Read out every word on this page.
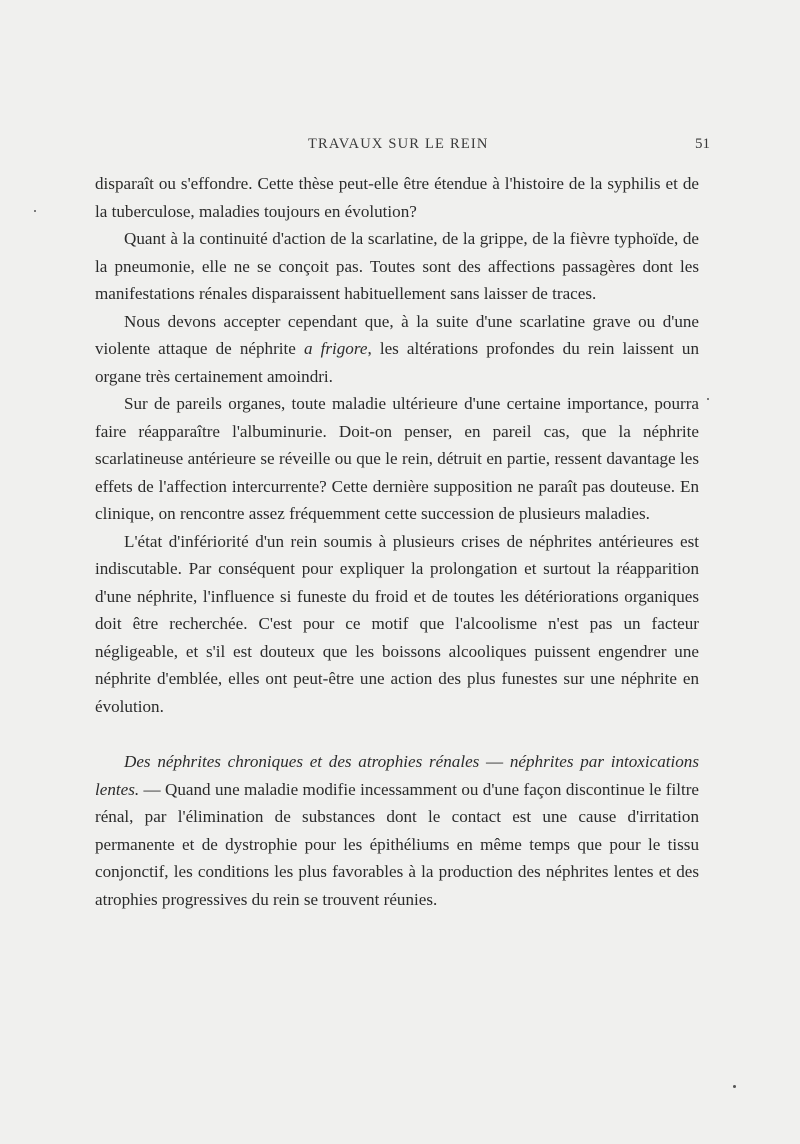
TRAVAUX SUR LE REIN	51

disparaît ou s'effondre. Cette thèse peut-elle être étendue à l'histoire de la syphilis et de la tuberculose, maladies toujours en évolution?

Quant à la continuité d'action de la scarlatine, de la grippe, de la fièvre typhoïde, de la pneumonie, elle ne se conçoit pas. Toutes sont des affections passagères dont les manifestations rénales disparaissent habituellement sans laisser de traces.

Nous devons accepter cependant que, à la suite d'une scarlatine grave ou d'une violente attaque de néphrite a frigore, les altérations profondes du rein laissent un organe très certainement amoindri.

Sur de pareils organes, toute maladie ultérieure d'une certaine importance, pourra faire réapparaître l'albuminurie. Doit-on penser, en pareil cas, que la néphrite scarlatineuse antérieure se réveille ou que le rein, détruit en partie, ressent davantage les effets de l'affection intercurrente? Cette dernière supposition ne paraît pas douteuse. En clinique, on rencontre assez fréquemment cette succession de plusieurs maladies.

L'état d'infériorité d'un rein soumis à plusieurs crises de néphrites antérieures est indiscutable. Par conséquent pour expliquer la prolongation et surtout la réapparition d'une néphrite, l'influence si funeste du froid et de toutes les détériorations organiques doit être recherchée. C'est pour ce motif que l'alcoolisme n'est pas un facteur négligeable, et s'il est douteux que les boissons alcooliques puissent engendrer une néphrite d'emblée, elles ont peut-être une action des plus funestes sur une néphrite en évolution.

Des néphrites chroniques et des atrophies rénales — néphrites par intoxications lentes. — Quand une maladie modifie incessamment ou d'une façon discontinue le filtre rénal, par l'élimination de substances dont le contact est une cause d'irritation permanente et de dystrophie pour les épithéliums en même temps que pour le tissu conjonctif, les conditions les plus favorables à la production des néphrites lentes et des atrophies progressives du rein se trouvent réunies.
